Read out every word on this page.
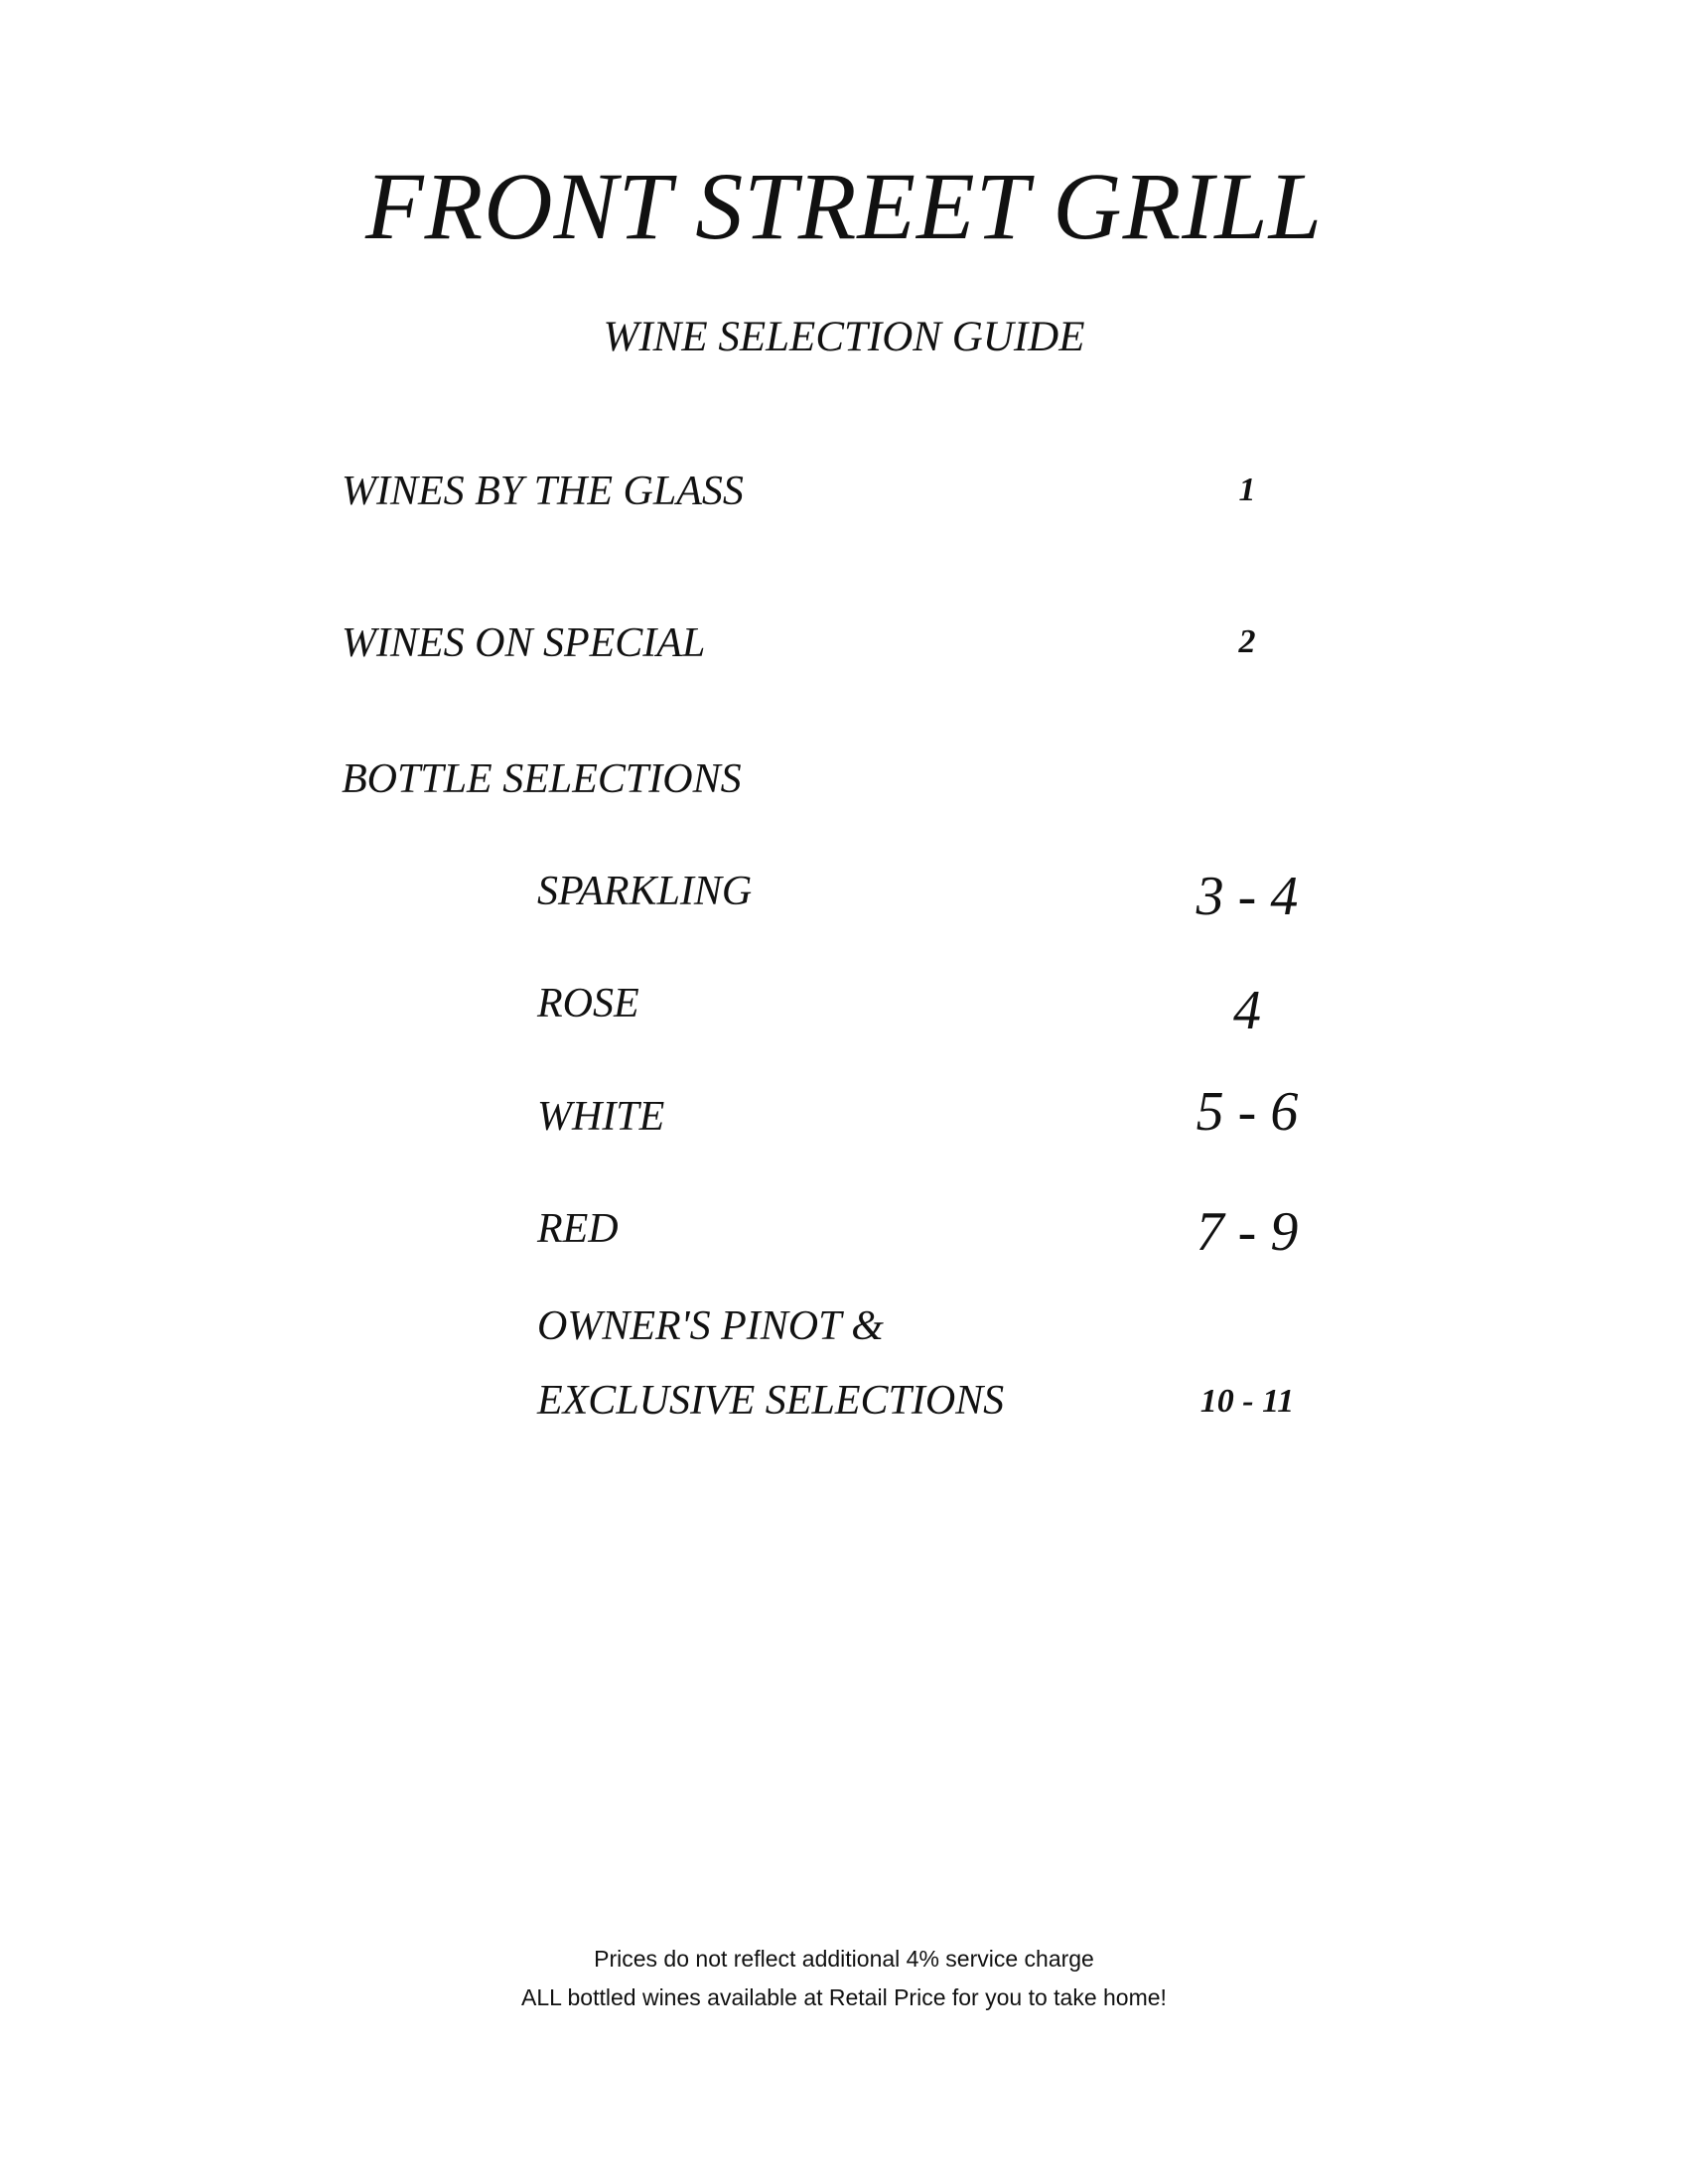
FRONT STREET GRILL
WINE SELECTION GUIDE
WINES BY THE GLASS	1
WINES ON SPECIAL	2
BOTTLE SELECTIONS
SPARKLING	3 - 4
ROSE	4
WHITE	5 - 6
RED	7 - 9
OWNER'S PINOT &
EXCLUSIVE SELECTIONS	10 - 11
Prices do not reflect additional 4% service charge
ALL bottled wines available at Retail Price for you to take home!
